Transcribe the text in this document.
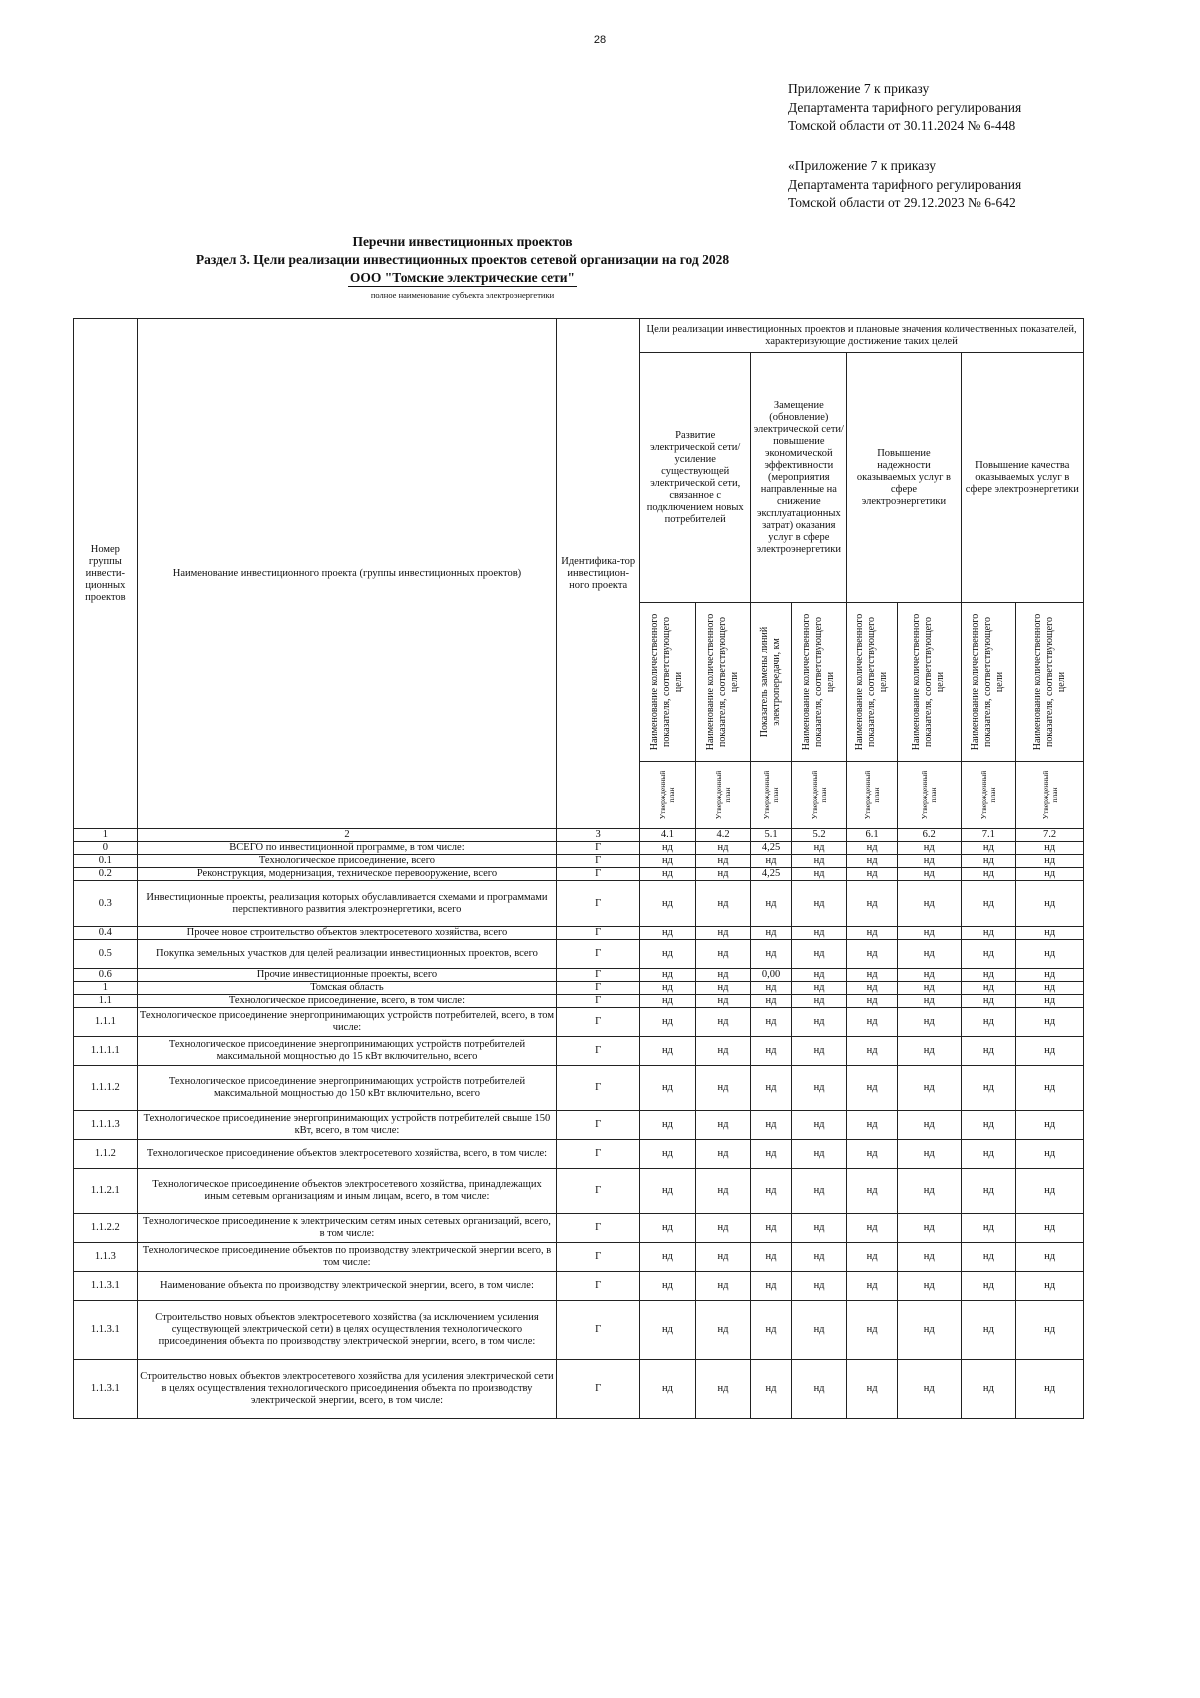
28
Приложение 7 к приказу
Департамента тарифного регулирования
Томской области от 30.11.2024 № 6-448
«Приложение 7 к приказу
Департамента тарифного регулирования
Томской области от 29.12.2023 № 6-642
Перечни инвестиционных проектов
Раздел 3. Цели реализации инвестиционных проектов сетевой организации на год 2028
ООО "Томские электрические сети"
полное наименование субъекта электроэнергетики
Номер группы инвести-ционных проектов	Наименование инвестиционного проекта (группы инвестиционных проектов)	Идентифика-тор инвестицион-ного проекта	Цели реализации инвестиционных проектов и плановые значения количественных показателей, характеризующие достижение таких целей							
			Развитие электрической сети/усиление существующей электрической сети, связанное с подключением новых потребителей		Замещение (обновление) электрической сети/повышение экономической эффективности (мероприятия направленные на снижение эксплуатационных затрат) оказания услуг в сфере электроэнергетики		Повышение надежности оказываемых услуг в сфере электроэнергетики		Повышение качества оказываемых услуг в сфере электроэнергетики	

			Наименование количественного показателя, соответствующего цели	Наименование количественного показателя, соответствующего цели	Показатель замены линий электропередачи, км	Наименование количественного показателя, соответствующего цели	Наименование количественного показателя, соответствующего цели	Наименование количественного показателя, соответствующего цели	Наименование количественного показателя, соответствующего цели	Наименование количественного показателя, соответствующего цели

			Утвержденный план	Утвержденный план	Утвержденный план	Утвержденный план	Утвержденный план	Утвержденный план	Утвержденный план	Утвержденный план

1	2	3	4.1	4.2	5.1	5.2	6.1	6.2	7.1	7.2
0	ВСЕГО по инвестиционной программе, в том числе:	Г	нд	нд	4,25	нд	нд	нд	нд	нд
0.1	Технологическое присоединение, всего	Г	нд	нд	нд	нд	нд	нд	нд	нд
0.2	Реконструкция, модернизация, техническое перевооружение, всего	Г	нд	нд	4,25	нд	нд	нд	нд	нд
0.3	Инвестиционные проекты, реализация которых обуславливается схемами и программами перспективного развития электроэнергетики, всего	Г	нд	нд	нд	нд	нд	нд	нд	нд
0.4	Прочее новое строительство объектов электросетевого хозяйства, всего	Г	нд	нд	нд	нд	нд	нд	нд	нд
0.5	Покупка земельных участков для целей реализации инвестиционных проектов, всего	Г	нд	нд	нд	нд	нд	нд	нд	нд
0.6	Прочие инвестиционные проекты, всего	Г	нд	нд	0,00	нд	нд	нд	нд	нд
1	Томская область	Г	нд	нд	нд	нд	нд	нд	нд	нд
1.1	Технологическое присоединение, всего, в том числе:	Г	нд	нд	нд	нд	нд	нд	нд	нд
1.1.1	Технологическое присоединение энергопринимающих устройств потребителей, всего, в том числе:	Г	нд	нд	нд	нд	нд	нд	нд	нд
1.1.1.1	Технологическое присоединение энергопринимающих устройств потребителей максимальной мощностью до 15 кВт включительно, всего	Г	нд	нд	нд	нд	нд	нд	нд	нд
1.1.1.2	Технологическое присоединение энергопринимающих устройств потребителей максимальной мощностью до 150 кВт включительно, всего	Г	нд	нд	нд	нд	нд	нд	нд	нд
1.1.1.3	Технологическое присоединение энергопринимающих устройств потребителей свыше 150 кВт, всего, в том числе:	Г	нд	нд	нд	нд	нд	нд	нд	нд
1.1.2	Технологическое присоединение объектов электросетевого хозяйства, всего, в том числе:	Г	нд	нд	нд	нд	нд	нд	нд	нд
1.1.2.1	Технологическое присоединение объектов электросетевого хозяйства, принадлежащих иным сетевым организациям и иным лицам, всего, в том числе:	Г	нд	нд	нд	нд	нд	нд	нд	нд
1.1.2.2	Технологическое присоединение к электрическим сетям иных сетевых организаций, всего, в том числе:	Г	нд	нд	нд	нд	нд	нд	нд	нд
1.1.3	Технологическое присоединение объектов по производству электрической энергии всего, в том числе:	Г	нд	нд	нд	нд	нд	нд	нд	нд
1.1.3.1	Наименование объекта по производству электрической энергии, всего, в том числе:	Г	нд	нд	нд	нд	нд	нд	нд	нд
1.1.3.1	Строительство новых объектов электросетевого хозяйства (за исключением усиления существующей электрической сети) в целях осуществления технологического присоединения объекта по производству электрической энергии, всего, в том числе:	Г	нд	нд	нд	нд	нд	нд	нд	нд
1.1.3.1	Строительство новых объектов электросетевого хозяйства для усиления электрической сети в целях осуществления технологического присоединения объекта по производству электрической энергии, всего, в том числе:	Г	нд	нд	нд	нд	нд	нд	нд	нд
